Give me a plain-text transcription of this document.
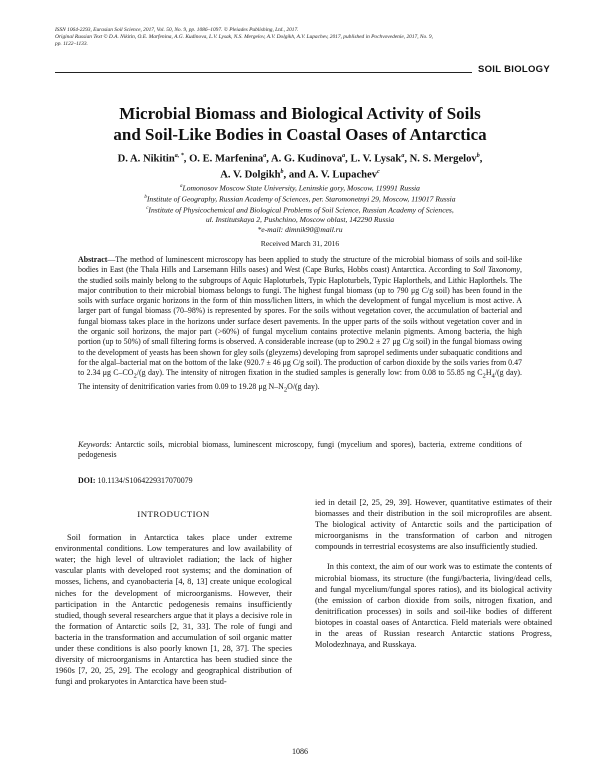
ISSN 1064-2293, Eurasian Soil Science, 2017, Vol. 50, No. 9, pp. 1086–1097. © Pleiades Publishing, Ltd., 2017.
Original Russian Text © D.A. Nikitin, O.E. Marfenina, A.G. Kudinova, L.V. Lysak, N.S. Mergelov, A.V. Dolgikh, A.V. Lupachev, 2017, published in Pochvovedenie, 2017, No. 9,
pp. 1122–1133.
SOIL BIOLOGY
Microbial Biomass and Biological Activity of Soils
and Soil-Like Bodies in Coastal Oases of Antarctica
D. A. Nikitin$^{a, *}$, O. E. Marfenina$^a$, A. G. Kudinova$^a$, L. V. Lysak$^a$, N. S. Mergelov$^b$,
A. V. Dolgikh$^b$, and A. V. Lupachev$^c$
$^a$Lomonosov Moscow State University, Leninskie gory, Moscow, 119991 Russia
$^b$Institute of Geography, Russian Academy of Sciences, per. Staromonetnyi 29, Moscow, 119017 Russia
$^c$Institute of Physicochemical and Biological Problems of Soil Science, Russian Academy of Sciences,
ul. Institutskaya 2, Pushchino, Moscow oblast, 142290 Russia
*e-mail: dimnik90@mail.ru
Received March 31, 2016
Abstract—The method of luminescent microscopy has been applied to study the structure of the microbial biomass of soils and soil-like bodies in East (the Thala Hills and Larsemann Hills oases) and West (Cape Burks, Hobbs coast) Antarctica. According to Soil Taxonomy, the studied soils mainly belong to the subgroups of Aquic Haploturbels, Typic Haploturbels, Typic Haplorthels, and Lithic Haplorthels. The major contribution to their microbial biomass belongs to fungi. The highest fungal biomass (up to 790 μg C/g soil) has been found in the soils with surface organic horizons in the form of thin moss/lichen litters, in which the development of fungal mycelium is most active. A larger part of fungal biomass (70–98%) is represented by spores. For the soils without vegetation cover, the accumulation of bacterial and fungal biomass takes place in the horizons under surface desert pavements. In the upper parts of the soils without vegetation cover and in the organic soil horizons, the major part (>60%) of fungal mycelium contains protective melanin pigments. Among bacteria, the high portion (up to 50%) of small filtering forms is observed. A considerable increase (up to 290.2 ± 27 μg C/g soil) in the fungal biomass owing to the development of yeasts has been shown for gley soils (gleyzems) developing from sapropel sediments under subaquatic conditions and for the algal–bacterial mat on the bottom of the lake (920.7 ± 46 μg C/g soil). The production of carbon dioxide by the soils varies from 0.47 to 2.34 μg $C-CO_2/(g$ day). The intensity of nitrogen fixation in the studied samples is generally low: from 0.08 to 55.85 ng $C_2H_4/(g$ day). The intensity of denitrification varies from 0.09 to 19.28 μg $N-N_2O/(g$ day).
Keywords: Antarctic soils, microbial biomass, luminescent microscopy, fungi (mycelium and spores), bacteria, extreme conditions of pedogenesis
DOI: 10.1134/S1064229317070079
INTRODUCTION

Soil formation in Antarctica takes place under extreme environmental conditions. Low temperatures and low availability of water; the high level of ultraviolet radiation; the lack of higher vascular plants with developed root systems; and the domination of mosses, lichens, and cyanobacteria [4, 8, 13] create unique ecological niches for the development of microorganisms. However, their participation in the Antarctic pedogenesis remains insufficiently studied, though several researchers argue that it plays a decisive role in the formation of Antarctic soils [2, 31, 33]. The role of fungi and bacteria in the transformation and accumulation of soil organic matter under these conditions is also poorly known [1, 28, 37]. The species diversity of microorganisms in Antarctica has been studied since the 1960s [7, 20, 25, 29]. The ecology and geographical distribution of fungi and prokaryotes in Antarctica have been stud-

ied in detail [2, 25, 29, 39]. However, quantitative estimates of their biomasses and their distribution in the soil microprofiles are absent. The biological activity of Antarctic soils and the participation of microorganisms in the transformation of carbon and nitrogen compounds in terrestrial ecosystems are also insufficiently studied.

In this context, the aim of our work was to estimate the contents of microbial biomass, its structure (the fungi/bacteria, living/dead cells, and fungal mycelium/fungal spores ratios), and its biological activity (the emission of carbon dioxide from soils, nitrogen fixation, and denitrification processes) in soils and soil-like bodies of different biotopes in coastal oases of Antarctica. Field materials were obtained in the areas of Russian research Antarctic stations Progress, Molodezhnaya, and Russkaya.

1086
